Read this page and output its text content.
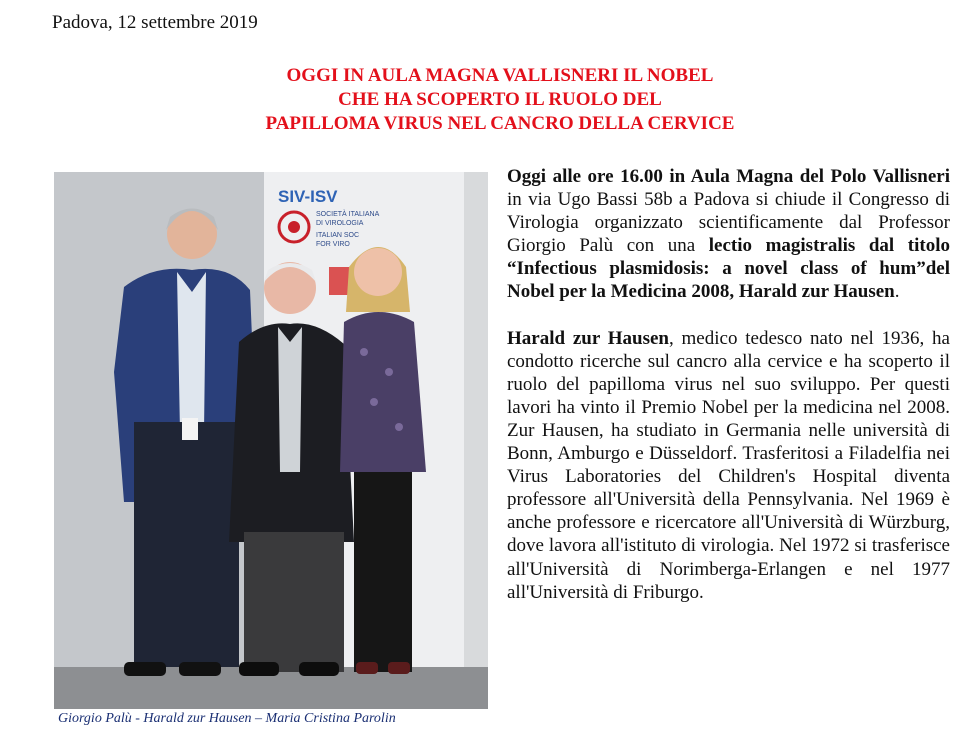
Padova, 12 settembre 2019
OGGI IN AULA MAGNA VALLISNERI IL NOBEL
CHE HA SCOPERTO IL RUOLO DEL
PAPILLOMA VIRUS NEL CANCRO DELLA CERVICE
SIV-ISV
SOCIETÀ ITALIANA
DI VIROLOGIA
ITALIAN SOC
FOR VIRO
Giorgio Palù - Harald zur Hausen – Maria Cristina Parolin

Oggi alle ore 16.00 in Aula Magna del Polo Vallisneri in via Ugo Bassi 58b a Padova si chiude il Congresso di Virologia organizzato scientificamente dal Professor Giorgio Palù con una lectio magistralis dal titolo “Infectious plasmidosis: a novel class of hum”del Nobel per la Medicina 2008, Harald zur Hausen.

Harald zur Hausen, medico tedesco nato nel 1936, ha condotto ricerche sul cancro alla cervice e ha scoperto il ruolo del papilloma virus nel suo sviluppo. Per questi lavori ha vinto il Premio Nobel per la medicina nel 2008. Zur Hausen, ha studiato in Germania nelle università di Bonn, Amburgo e Düsseldorf. Trasferitosi a Filadelfia nei Virus Laboratories del Children's Hospital diventa professore all'Università della Pennsylvania. Nel 1969 è anche professore e ricercatore all'Università di Würzburg, dove lavora all'istituto di virologia. Nel 1972 si trasferisce all'Università di Norimberga-Erlangen e nel 1977 all'Università di Friburgo.
